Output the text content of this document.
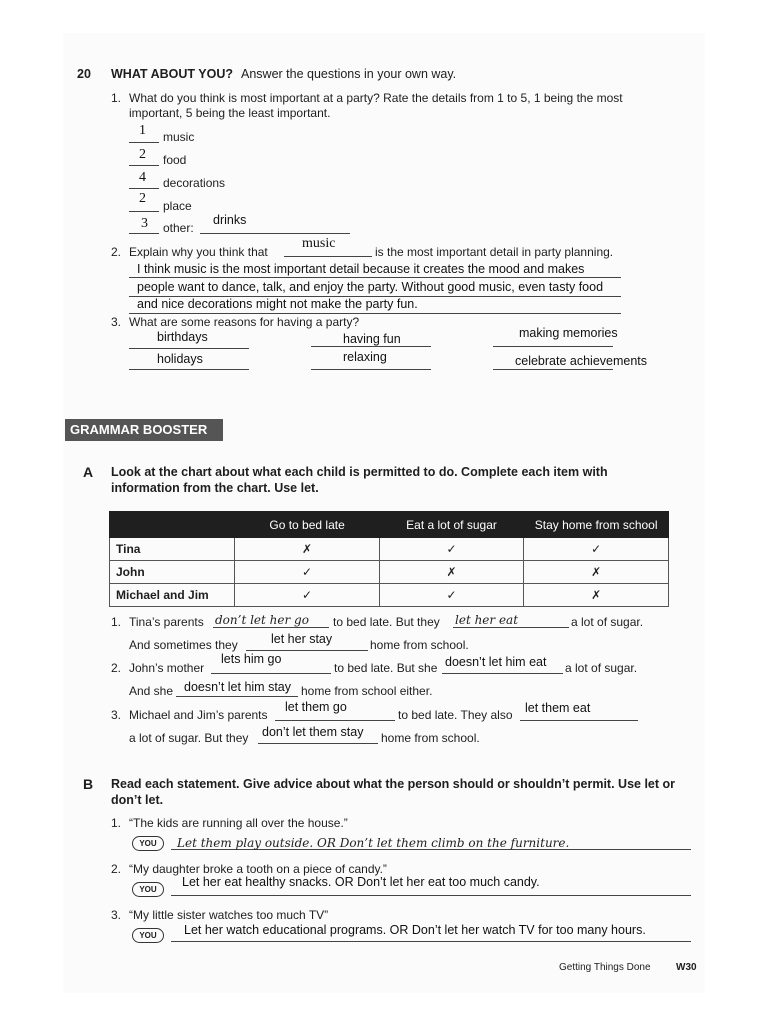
20 WHAT ABOUT YOU? Answer the questions in your own way.
1. What do you think is most important at a party? Rate the details from 1 to 5, 1 being the most
important, 5 being the least important.
1 music
2 food
4 decorations
2 place
3 other:
drinks
2. Explain why you think that
music
is the most important detail in party planning.
I think music is the most important detail because it creates the mood and makes
people want to dance, talk, and enjoy the party. Without good music, even tasty food
and nice decorations might not make the party fun.
3. What are some reasons for having a party?
birthdays	having fun	making memories
holidays	relaxing	celebrate achievements
GRAMMAR BOOSTER
A Look at the chart about what each child is permitted to do. Complete each item with
information from the chart. Use let.
	Go to bed late	Eat a lot of sugar	Stay home from school
Tina	✗	✓	✓
John	✓	✗	✗
Michael and Jim	✓	✓	✗
1. Tina’s parents don’t let her go to bed late. But they let her eat	a lot of sugar.
And sometimes they	let her stay	home from school.
2. John’s mother
lets him go
to bed late. But she doesn’t let him eat a lot of sugar.
And she doesn’t let him stay home from school either.
3. Michael and Jim’s parents
let them go
to bed late. They also let them eat
a lot of sugar. But they don’t let them stay home from school.
B Read each statement. Give advice about what the person should or shouldn’t permit. Use let or
don’t let.
1. “The kids are running all over the house.”
YOU	Let them play outside. OR Don’t let them climb on the furniture.
2. “My daughter broke a tooth on a piece of candy.”
YOU
Let her eat healthy snacks. OR Don’t let her eat too much candy.
3. “My little sister watches too much TV”
YOU	Let her watch educational programs. OR Don’t let her watch TV for too many hours.
Getting Things Done	W30
